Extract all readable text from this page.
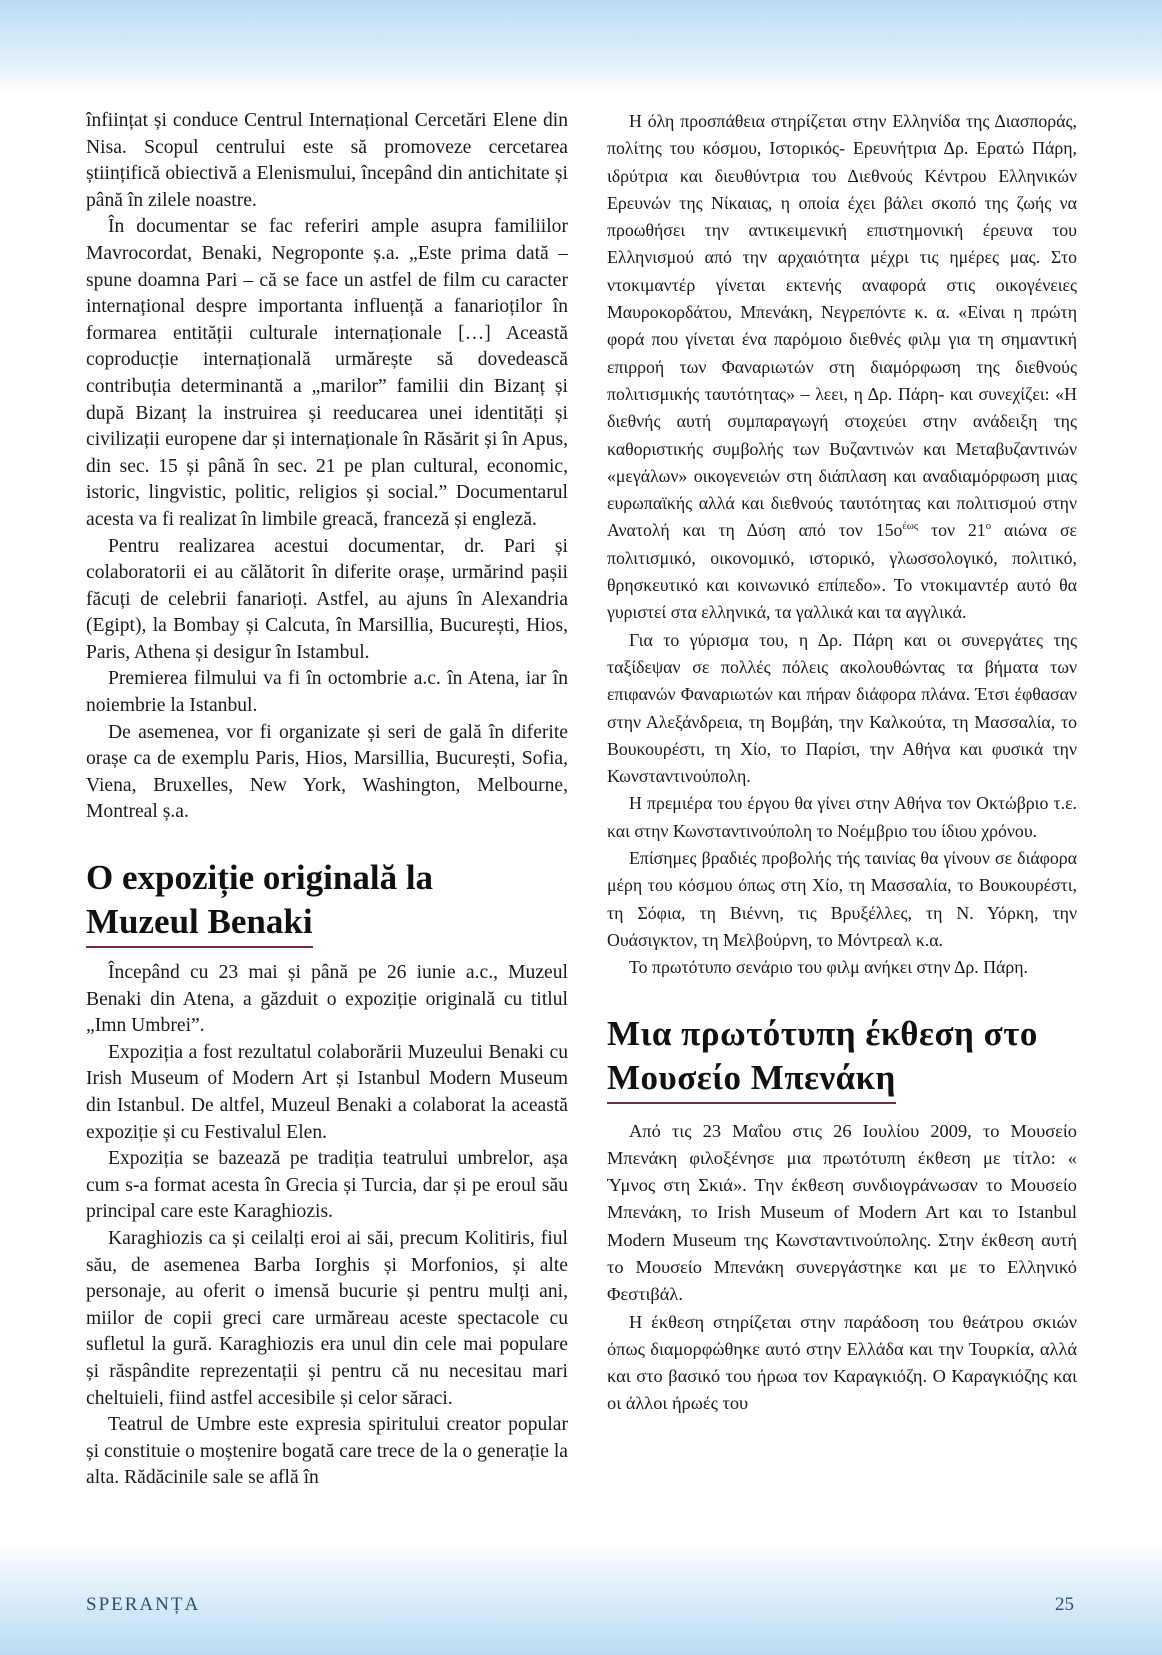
înființat și conduce Centrul Internațional Cercetări Elene din Nisa. Scopul centrului este să promoveze cercetarea științifică obiectivă a Elenismului, începând din antichitate și până în zilele noastre.

În documentar se fac referiri ample asupra familiilor Mavrocordat, Benaki, Negroponte ș.a. „Este prima dată – spune doamna Pari – că se face un astfel de film cu caracter internațional despre importanta influență a fanarioților în formarea entității culturale internaționale […] Această coproducție internațională urmărește să dovedească contribuția determinantă a „marilor” familii din Bizanț și după Bizanț la instruirea și reeducarea unei identități și civilizații europene dar și internaționale în Răsărit și în Apus, din sec. 15 și până în sec. 21 pe plan cultural, economic, istoric, lingvistic, politic, religios și social.” Documentarul acesta va fi realizat în limbile greacă, franceză și engleză.

Pentru realizarea acestui documentar, dr. Pari și colaboratorii ei au călătorit în diferite orașe, urmărind pașii făcuți de celebrii fanarioți. Astfel, au ajuns în Alexandria (Egipt), la Bombay și Calcuta, în Marsillia, București, Hios, Paris, Athena și desigur în Istambul.

Premierea filmului va fi în octombrie a.c. în Atena, iar în noiembrie la Istanbul.

De asemenea, vor fi organizate și seri de gală în diferite orașe ca de exemplu Paris, Hios, Marsillia, București, Sofia, Viena, Bruxelles, New York, Washington, Melbourne, Montreal ș.a.

O expoziție originală la
Muzeul Benaki

Începând cu 23 mai și până pe 26 iunie a.c., Muzeul Benaki din Atena, a găzduit o expoziție originală cu titlul „Imn Umbrei”.

Expoziția a fost rezultatul colaborării Muzeului Benaki cu Irish Museum of Modern Art și Istanbul Modern Museum din Istanbul. De altfel, Muzeul Benaki a colaborat la această expoziție și cu Festivalul Elen.

Expoziția se bazează pe tradiția teatrului umbrelor, așa cum s-a format acesta în Grecia și Turcia, dar și pe eroul său principal care este Karaghiozis.

Karaghiozis ca și ceilalți eroi ai săi, precum Kolitiris, fiul său, de asemenea Barba Iorghis și Morfonios, și alte personaje, au oferit o imensă bucurie și pentru mulți ani, miilor de copii greci care urmăreau aceste spectacole cu sufletul la gură. Karaghiozis era unul din cele mai populare și răspândite reprezentații și pentru că nu necesitau mari cheltuieli, fiind astfel accesibile și celor săraci.

Teatrul de Umbre este expresia spiritului creator popular și constituie o moștenire bogată care trece de la o generație la alta. Rădăcinile sale se află în

Η όλη προσπάθεια στηρίζεται στην Ελληνίδα της Διασποράς, πολίτης του κόσμου, Ιστορικός- Ερευνήτρια Δρ. Ερατώ Πάρη, ιδρύτρια και διευθύντρια του Διεθνούς Κέντρου Ελληνικών Ερευνών της Νίκαιας, η οποία έχει βάλει σκοπό της ζωής να προωθήσει την αντικειμενική επιστημονική έρευνα του Ελληνισμού από την αρχαιότητα μέχρι τις ημέρες μας. Στο ντοκιμαντέρ γίνεται εκτενής αναφορά στις οικογένειες Μαυροκορδάτου, Μπενάκη, Νεγρεπόντε κ. α. «Είναι η πρώτη φορά που γίνεται ένα παρόμοιο διεθνές φιλμ για τη σημαντική επιρροή των Φαναριωτών στη διαμόρφωση της διεθνούς πολιτισμικής ταυτότητας» – λεει, η Δρ. Πάρη- και συνεχίζει: «Η διεθνής αυτή συμπαραγωγή στοχεύει στην ανάδειξη της καθοριστικής συμβολής των Βυζαντινών και Μεταβυζαντινών «μεγάλων» οικογενειών στη διάπλαση και αναδιαμόρφωση μιας ευρωπαϊκής αλλά και διεθνούς ταυτότητας και πολιτισμού στην Ανατολή και τη Δύση από τον $15o^{έ\omega\varsigma}$ τον $21^o$ αιώνα σε πολιτισμικό, οικονομικό, ιστορικό, γλωσσολογικό, πολιτικό, θρησκευτικό και κοινωνικό επίπεδο». Το ντοκιμαντέρ αυτό θα γυριστεί στα ελληνικά, τα γαλλικά και τα αγγλικά.

Για το γύρισμα του, η Δρ. Πάρη και οι συνεργάτες της ταξίδεψαν σε πολλές πόλεις ακολουθώντας τα βήματα των επιφανών Φαναριωτών και πήραν διάφορα πλάνα. Έτσι έφθασαν στην Αλεξάνδρεια, τη Βομβάη, την Καλκούτα, τη Μασσαλία, το Βουκουρέστι, τη Χίο, το Παρίσι, την Αθήνα και φυσικά την Κωνσταντινούπολη.

Η πρεμιέρα του έργου θα γίνει στην Αθήνα τον Οκτώβριο τ.ε. και στην Κωνσταντινούπολη το Νοέμβριο του ίδιου χρόνου.

Επίσημες βραδιές προβολής τής ταινίας θα γίνουν σε διάφορα μέρη του κόσμου όπως στη Χίο, τη Μασσαλία, το Βουκουρέστι, τη Σόφια, τη Βιέννη, τις Βρυξέλλες, τη Ν. Υόρκη, την Ουάσιγκτον, τη Μελβούρνη, το Μόντρεαλ κ.α.

Το πρωτότυπο σενάριο του φιλμ ανήκει στην Δρ. Πάρη.

Μια πρωτότυπη έκθεση στο
Μουσείο Μπενάκη

Από τις 23 Μαΐου στις 26 Ιουλίου 2009, το Μουσείο Μπενάκη φιλοξένησε μια πρωτότυπη έκθεση με τίτλο: « Ύμνος στη Σκιά». Την έκθεση συνδιογράνωσαν το Μουσείο Μπενάκη, το Irish Museum of Modern Art και το Istanbul Modern Museum της Κωνσταντινούπολης. Στην έκθεση αυτή το Μουσείο Μπενάκη συνεργάστηκε και με το Ελληνικό Φεστιβάλ.

Η έκθεση στηρίζεται στην παράδοση του θεάτρου σκιών όπως διαμορφώθηκε αυτό στην Ελλάδα και την Τουρκία, αλλά και στο βασικό του ήρωα τον Καραγκιόζη. Ο Καραγκιόζης και οι άλλοι ήρωές του

SPERANȚA	25
